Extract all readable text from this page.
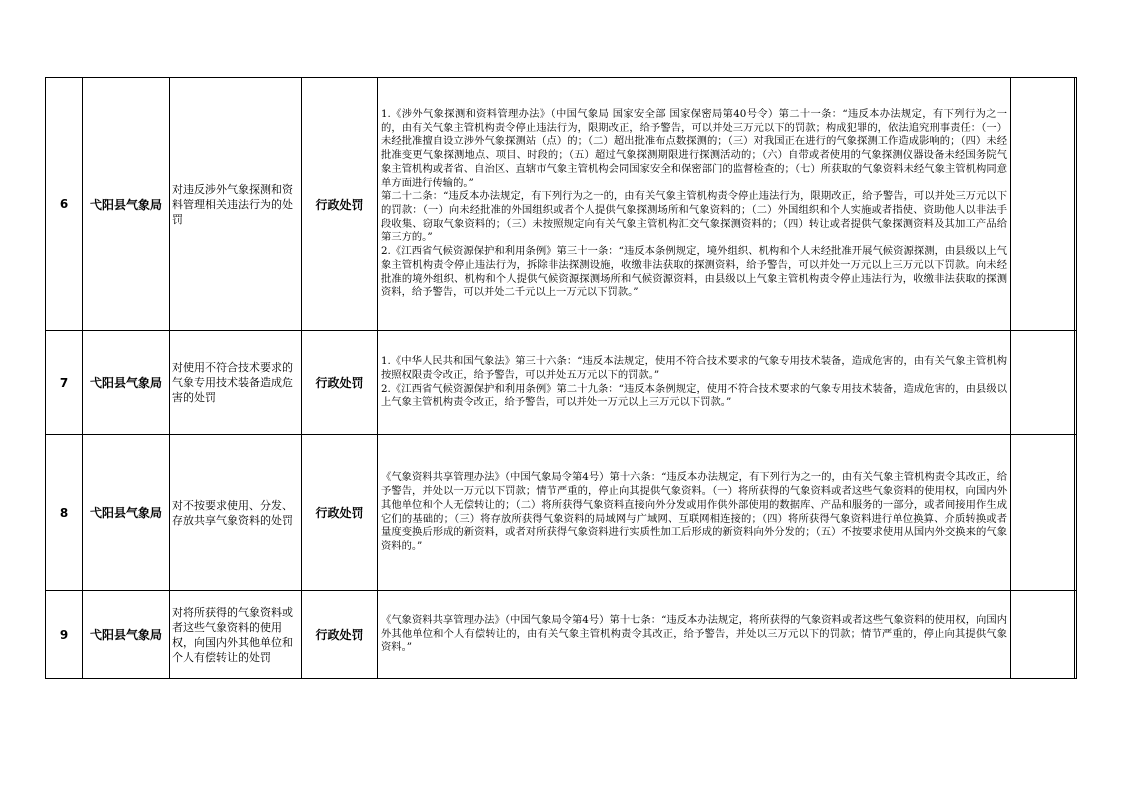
6	弋阳县气象局	对违反涉外气象探测和资料管理相关违法行为的处罚	行政处罚	1.《涉外气象探测和资料管理办法》（中国气象局 国家安全部 国家保密局第40号令）第二十一条：“违反本办法规定，有下列行为之一的，由有关气象主管机构责令停止违法行为，限期改正，给予警告，可以并处三万元以下的罚款；构成犯罪的，依法追究刑事责任：（一）未经批准擅自设立涉外气象探测站（点）的；（二）超出批准布点数探测的；（三）对我国正在进行的气象探测工作造成影响的；（四）未经批准变更气象探测地点、项目、时段的；（五）超过气象探测期限进行探测活动的；（六）自带或者使用的气象探测仪器设备未经国务院气象主管机构或者省、自治区、直辖市气象主管机构会同国家安全和保密部门的监督检查的；（七）所获取的气象资料未经气象主管机构同意单方面进行传输的。”

第二十二条：“违反本办法规定，有下列行为之一的，由有关气象主管机构责令停止违法行为，限期改正，给予警告，可以并处三万元以下的罚款：（一）向未经批准的外国组织或者个人提供气象探测场所和气象资料的；（二）外国组织和个人实施或者指使、资助他人以非法手段收集、窃取气象资料的；（三）未按照规定向有关气象主管机构汇交气象探测资料的；（四）转让或者提供气象探测资料及其加工产品给第三方的。”

2.《江西省气候资源保护和利用条例》第三十一条：“违反本条例规定，境外组织、机构和个人未经批准开展气候资源探测，由县级以上气象主管机构责令停止违法行为，拆除非法探测设施，收缴非法获取的探测资料，给予警告，可以并处一万元以上三万元以下罚款。向未经批准的境外组织、机构和个人提供气候资源探测场所和气候资源资料，由县级以上气象主管机构责令停止违法行为，收缴非法获取的探测资料，给予警告，可以并处二千元以上一万元以下罚款。”		

7	弋阳县气象局	对使用不符合技术要求的气象专用技术装备造成危害的处罚	行政处罚	1.《中华人民共和国气象法》第三十六条：“违反本法规定，使用不符合技术要求的气象专用技术装备，造成危害的，由有关气象主管机构按照权限责令改正，给予警告，可以并处五万元以下的罚款。”

2.《江西省气候资源保护和利用条例》第二十九条：“违反本条例规定，使用不符合技术要求的气象专用技术装备，造成危害的，由县级以上气象主管机构责令改正，给予警告，可以并处一万元以上三万元以下罚款。”		

8	弋阳县气象局	对不按要求使用、分发、存放共享气象资料的处罚	行政处罚	《气象资料共享管理办法》（中国气象局令第4号）第十六条：“违反本办法规定，有下列行为之一的，由有关气象主管机构责令其改正，给予警告，并处以一万元以下罚款；情节严重的，停止向其提供气象资料。（一）将所获得的气象资料或者这些气象资料的使用权，向国内外其他单位和个人无偿转让的；（二）将所获得气象资料直接向外分发或用作供外部使用的数据库、产品和服务的一部分，或者间接用作生成它们的基础的；（三）将存放所获得气象资料的局域网与广域网、互联网相连接的；（四）将所获得气象资料进行单位换算、介质转换或者量度变换后形成的新资料，或者对所获得气象资料进行实质性加工后形成的新资料向外分发的；（五）不按要求使用从国内外交换来的气象资料的。”		

9	弋阳县气象局	对将所获得的气象资料或者这些气象资料的使用权，向国内外其他单位和个人有偿转让的处罚	行政处罚	《气象资料共享管理办法》（中国气象局令第4号）第十七条：“违反本办法规定，将所获得的气象资料或者这些气象资料的使用权，向国内外其他单位和个人有偿转让的，由有关气象主管机构责令其改正，给予警告，并处以三万元以下的罚款；情节严重的，停止向其提供气象资料。”		
